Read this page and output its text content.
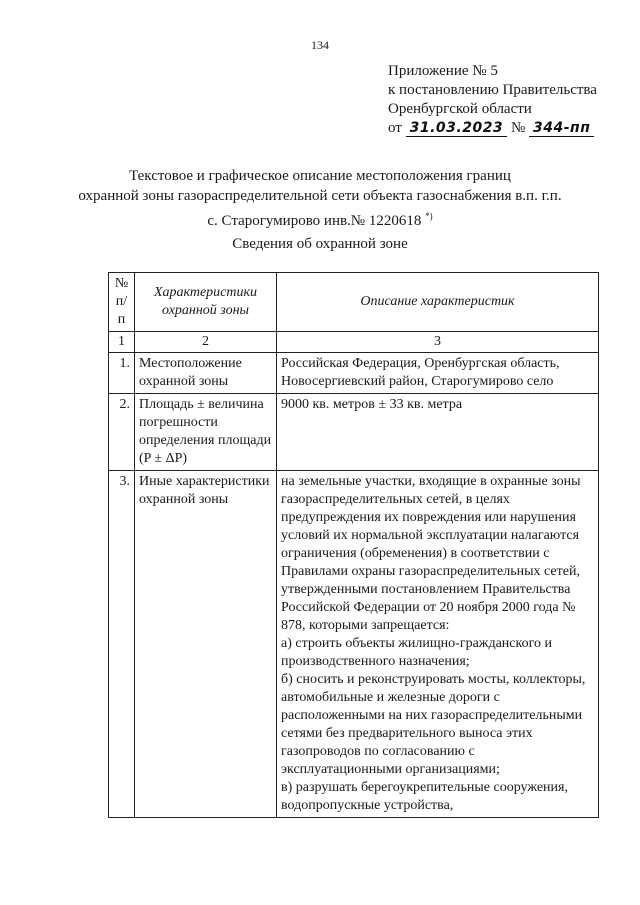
134
Приложение № 5
к постановлению Правительства
Оренбургской области
от 31.03.2023 № 344-пп
Текстовое и графическое описание местоположения границ
охранной зоны газораспределительной сети объекта газоснабжения в.п. г.п.
с. Старогумирово инв.№ 1220618 *)
Сведения об охранной зоне
№ п/п	Характеристики охранной зоны	Описание характеристик
1	2	3
1.	Местоположение охранной зоны	Российская Федерация, Оренбургская область, Новосергиевский район, Старогумирово село

2.	Площадь ± величина погрешности определения площади (P ± ΔP)	9000 кв. метров ± 33 кв. метра

3.	Иные характеристики охранной зоны	на земельные участки, входящие в охранные зоны газораспределительных сетей, в целях предупреждения их повреждения или нарушения условий их нормальной эксплуатации налагаются ограничения (обременения) в соответствии с Правилами охраны газораспределительных сетей, утвержденными постановлением Правительства Российской Федерации от 20 ноября 2000 года № 878, которыми запрещается:

а) строить объекты жилищно-гражданского и производственного назначения;

б) сносить и реконструировать мосты, коллекторы, автомобильные и железные дороги с расположенными на них газораспределительными сетями без предварительного выноса этих газопроводов по согласованию с эксплуатационными организациями;

в) разрушать берегоукрепительные сооружения, водопропускные устройства,
